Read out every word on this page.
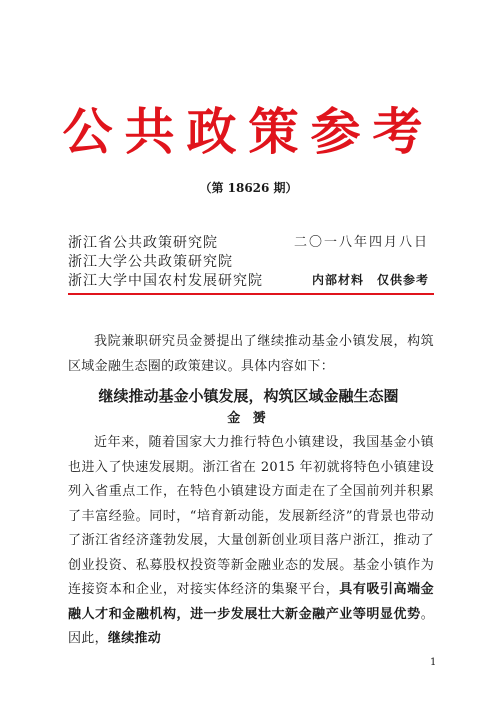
公共政策参考
（第 18626 期）
浙江省公共政策研究院
浙江大学公共政策研究院
浙江大学中国农村发展研究院
二〇一八年四月八日
内部材料　仅供参考
我院兼职研究员金赟提出了继续推动基金小镇发展，构筑区域金融生态圈的政策建议。具体内容如下：
继续推动基金小镇发展，构筑区域金融生态圈
金 赟
近年来，随着国家大力推行特色小镇建设，我国基金小镇也进入了快速发展期。浙江省在 2015 年初就将特色小镇建设列入省重点工作，在特色小镇建设方面走在了全国前列并积累了丰富经验。同时，“培育新动能，发展新经济”的背景也带动了浙江省经济蓬勃发展，大量创新创业项目落户浙江，推动了创业投资、私募股权投资等新金融业态的发展。基金小镇作为连接资本和企业，对接实体经济的集聚平台，具有吸引高端金融人才和金融机构，进一步发展壮大新金融产业等明显优势。因此，继续推动
1
